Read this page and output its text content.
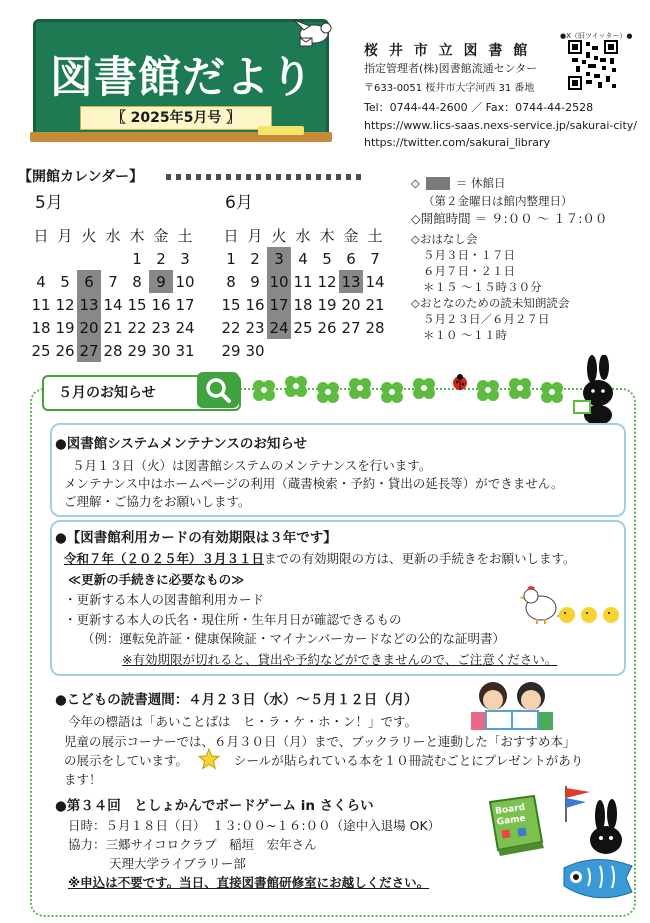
図書館だより
〖 2025年5月号 〗
桜 井 市 立 図 書 館
指定管理者(株)図書館流通センター
〒633-0051 桜井市大字河西 31 番地
Tel：0744-44-2600 ／ Fax：0744-44-2528
https://www.lics-saas.nexs-service.jp/sakurai-city/
https://twitter.com/sakurai_library
●X（旧ツイッター）●
【開館カレンダー】
5月	6月
日	月	火	水	木	金	土
				1	2	3
4	5	6	7	8	9	10
11	12	13	14	15	16	17
18	19	20	21	22	23	24
25	26	27	28	29	30	31
日	月	火	水	木	金	土
1	2	3	4	5	6	7
8	9	10	11	12	13	14
15	16	17	18	19	20	21
22	23	24	25	26	27	28
29	30					
◇	＝ 休館日
（第２金曜日は館内整理日）
◇開館時間 ＝ ９:００ ～ １７:００
◇おはなし会
５月３日・１７日
６月７日・２１日
＊１５ ～１５時３０分
◇おとなのための読未知朗読会
５月２３日／６月２７日
＊１０ ～１１時
５月のお知らせ
●図書館システムメンテナンスのお知らせ
５月１３日（火）は図書館システムのメンテナンスを行います。
メンテナンス中はホームページの利用（蔵書検索・予約・貸出の延長等）ができません。
ご理解・ご協力をお願いします。
●【図書館利用カードの有効期限は３年です】
令和７年（２０２５年）３月３１日までの有効期限の方は、更新の手続きをお願いします。
≪更新の手続きに必要なもの≫
・更新する本人の図書館利用カード
・更新する本人の氏名・現住所・生年月日が確認できるもの
（例：運転免許証・健康保険証・マイナンバーカードなどの公的な証明書）
※有効期限が切れると、貸出や予約などができませんので、ご注意ください。
●こどもの読書週間：４月２３日（水）～５月１２日（月）
今年の標語は「あいことばは　ヒ・ラ・ケ・ホ・ン！」です。
児童の展示コーナーでは、６月３０日（月）まで、ブックラリーと連動した「おすすめ本」
の展示をしています。	シールが貼られている本を１０冊読むごとにプレゼントがあり
ます！
●第３４回　としょかんでボードゲーム in さくらい
日時：５月１８日（日）　１３:００~１６:００（途中入退場 OK）
協力：三郷サイコロクラブ　稲垣　宏年さん
天理大学ライブラリー部
※申込は不要です。当日、直接図書館研修室にお越しください。
Board Game
